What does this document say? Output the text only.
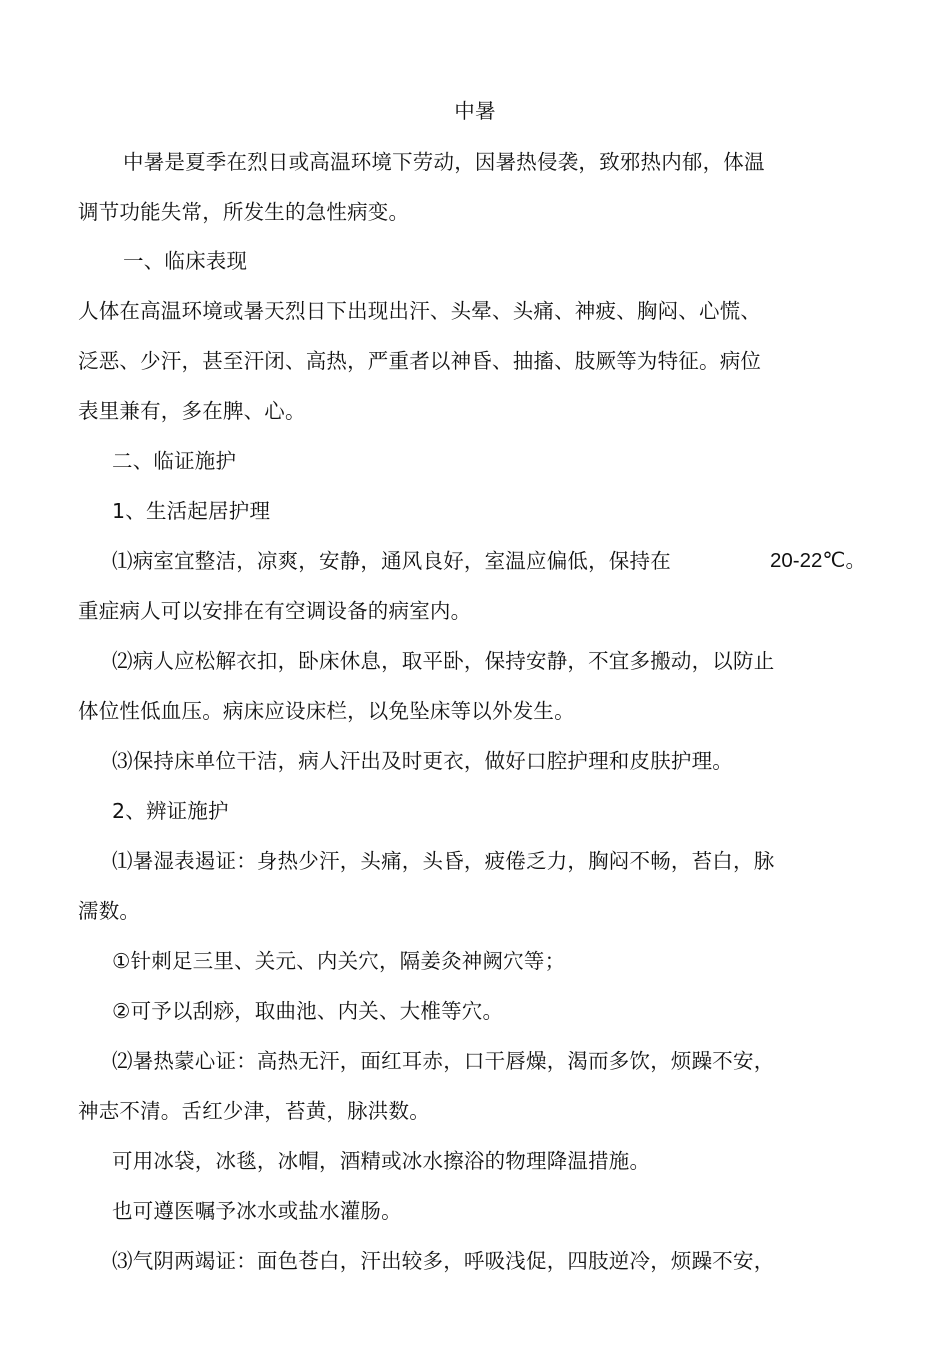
中暑
中暑是夏季在烈日或高温环境下劳动，因暑热侵袭，致邪热内郁，体温
调节功能失常，所发生的急性病变。
一、临床表现
人体在高温环境或暑天烈日下出现出汗、头晕、头痛、神疲、胸闷、心慌、
泛恶、少汗，甚至汗闭、高热，严重者以神昏、抽搐、肢厥等为特征。病位
表里兼有，多在脾、心。
二、临证施护
1、生活起居护理
⑴病室宜整洁，凉爽，安静，通风良好，室温应偏低，保持在	20-22℃。
重症病人可以安排在有空调设备的病室内。
⑵病人应松解衣扣，卧床休息，取平卧，保持安静，不宜多搬动，以防止
体位性低血压。病床应设床栏，以免坠床等以外发生。
⑶保持床单位干洁，病人汗出及时更衣，做好口腔护理和皮肤护理。
2、辨证施护
⑴暑湿表遏证：身热少汗，头痛，头昏，疲倦乏力，胸闷不畅，苔白，脉
濡数。
①针刺足三里、关元、内关穴，隔姜灸神阙穴等；
②可予以刮痧，取曲池、内关、大椎等穴。
⑵暑热蒙心证：高热无汗，面红耳赤，口干唇燥，渴而多饮，烦躁不安，
神志不清。舌红少津，苔黄，脉洪数。
可用冰袋，冰毯，冰帽，酒精或冰水擦浴的物理降温措施。
也可遵医嘱予冰水或盐水灌肠。
⑶气阴两竭证：面色苍白，汗出较多，呼吸浅促，四肢逆冷，烦躁不安，
